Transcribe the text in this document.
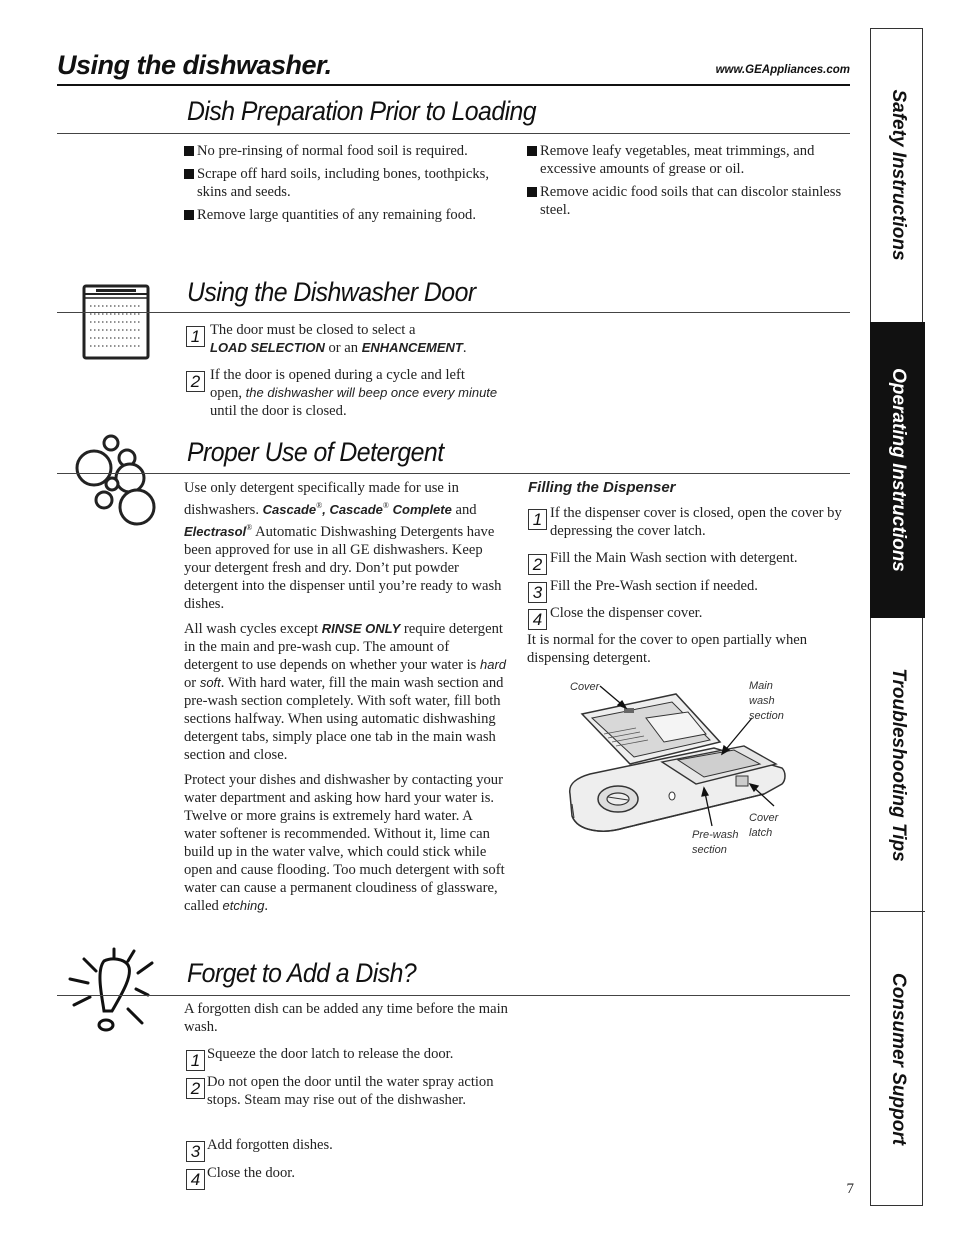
Using the dishwasher.	www.GEAppliances.com
Dish Preparation Prior to Loading
No pre-rinsing of normal food soil is required.
Scrape off hard soils, including bones, toothpicks, skins and seeds.
Remove large quantities of any remaining food.
Remove leafy vegetables, meat trimmings, and excessive amounts of grease or oil.
Remove acidic food soils that can discolor stainless steel.
Using the Dishwasher Door
1 The door must be closed to select a
LOAD SELECTION or an ENHANCEMENT.
2 If the door is opened during a cycle and left open, the dishwasher will beep once every minute until the door is closed.
Proper Use of Detergent

Use only detergent specifically made for use in dishwashers. Cascade®, Cascade® Complete and Electrasol® Automatic Dishwashing Detergents have been approved for use in all GE dishwashers. Keep your detergent fresh and dry. Don’t put powder detergent into the dispenser until you’re ready to wash dishes.

All wash cycles except RINSE ONLY require detergent in the main and pre-wash cup. The amount of detergent to use depends on whether your water is hard or soft. With hard water, fill the main wash section and pre-wash section completely. With soft water, fill both sections halfway. When using automatic dishwashing detergent tabs, simply place one tab in the main wash section and close.

Protect your dishes and dishwasher by contacting your water department and asking how hard your water is. Twelve or more grains is extremely hard water. A water softener is recommended. Without it, lime can build up in the water valve, which could stick while open and cause flooding. Too much detergent with soft water can cause a permanent cloudiness of glassware, called etching.

Filling the Dispenser
1 If the dispenser cover is closed, open the cover by depressing the cover latch.
2 Fill the Main Wash section with detergent.
3 Fill the Pre-Wash section if needed.
4 Close the dispenser cover.
It is normal for the cover to open partially when dispensing detergent.
Cover	Main
wash
section
Cover
latch
Pre-wash
section
Forget to Add a Dish?
A forgotten dish can be added any time before the main wash.
1 Squeeze the door latch to release the door.
2 Do not open the door until the water spray action stops. Steam may rise out of the dishwasher.
3 Add forgotten dishes.
4 Close the door.
7
Safety Instructions
Operating Instructions
Troubleshooting Tips
Consumer Support
